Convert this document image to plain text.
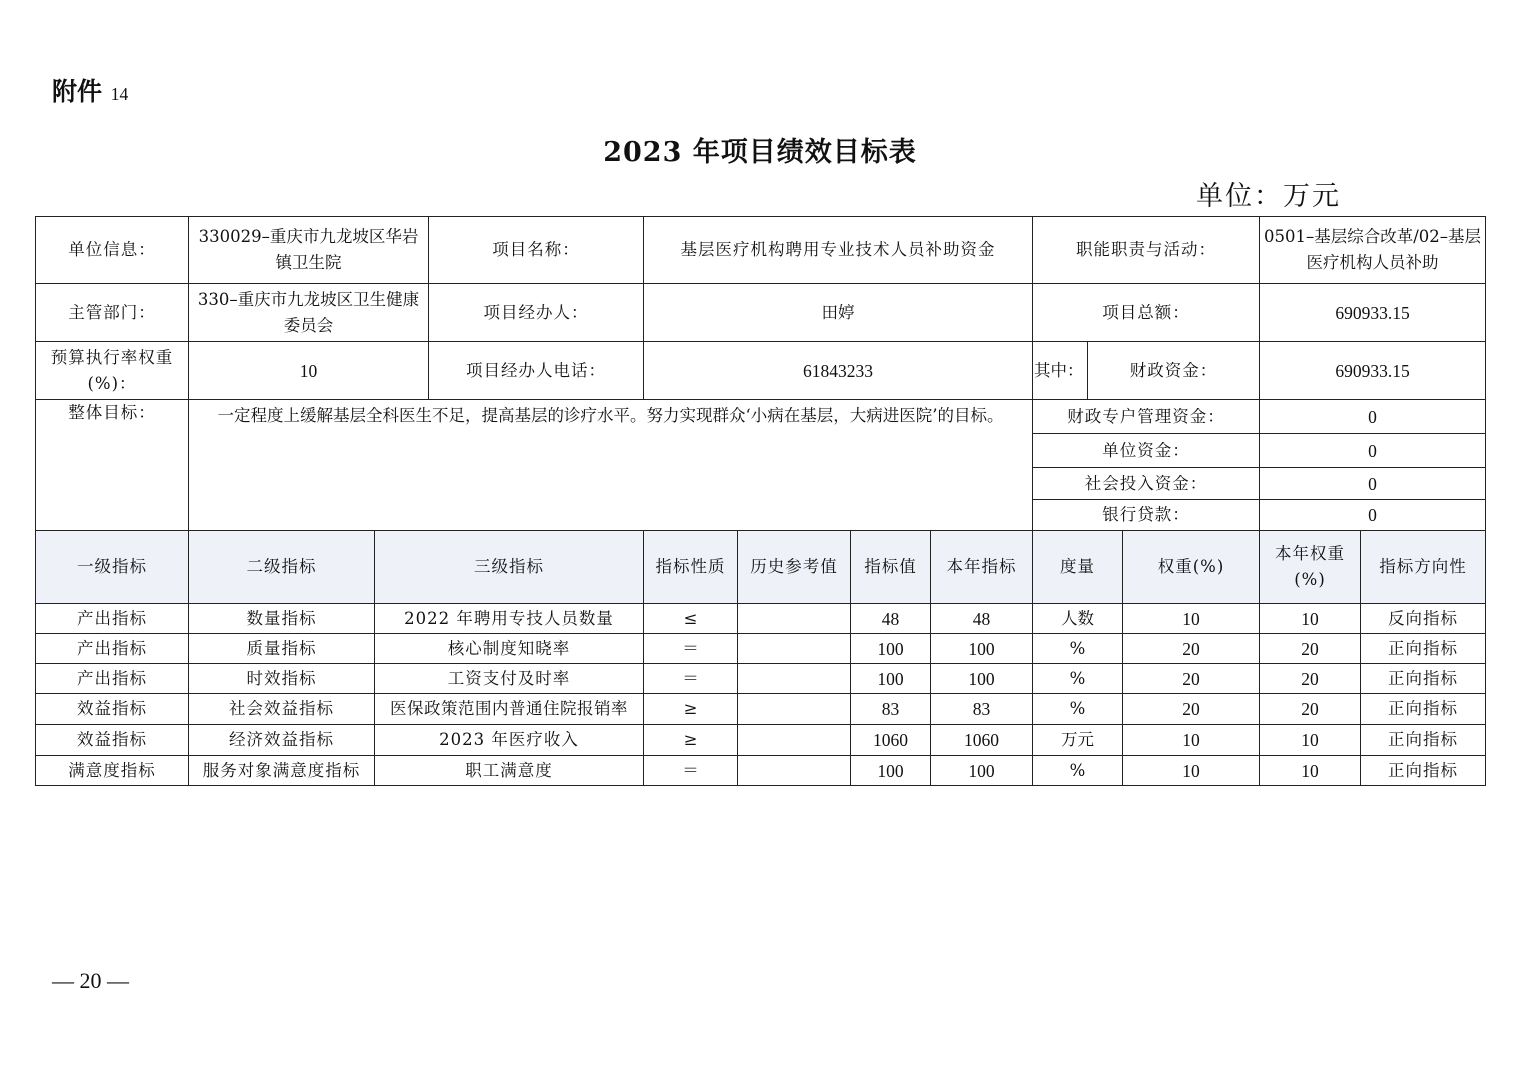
附件 14
2023 年项目绩效目标表
单位：万元
单位信息：	330029–重庆市九龙坡区华岩镇卫生院		项目名称：	基层医疗机构聘用专业技术人员补助资金				职能职责与活动：			0501–基层综合改革/02–基层医疗机构人员补助	
主管部门：	330–重庆市九龙坡区卫生健康委员会		项目经办人：	田婷				项目总额：			690933.15	
预算执行率权重(%)：	10		项目经办人电话：	61843233				其中：	财政资金：		690933.15	
整体目标：	一定程度上缓解基层全科医生不足，提高基层的诊疗水平。努力实现群众‘小病在基层，大病进医院’的目标。							财政专户管理资金：			0	
								单位资金：			0	
								社会投入资金：			0	
								银行贷款：			0	
一级指标	二级指标	三级指标		指标性质	历史参考值	指标值	本年指标	度量		权重(%)	本年权重(%)	指标方向性
产出指标	数量指标	2022 年聘用专技人员数量		≤		48	48	人数		10	10	反向指标
产出指标	质量指标	核心制度知晓率		＝		100	100	%		20	20	正向指标
产出指标	时效指标	工资支付及时率		＝		100	100	%		20	20	正向指标
效益指标	社会效益指标	医保政策范围内普通住院报销率		≥		83	83	%		20	20	正向指标
效益指标	经济效益指标	2023 年医疗收入		≥		1060	1060	万元		10	10	正向指标
满意度指标	服务对象满意度指标	职工满意度		＝		100	100	%		10	10	正向指标
— 20 —
